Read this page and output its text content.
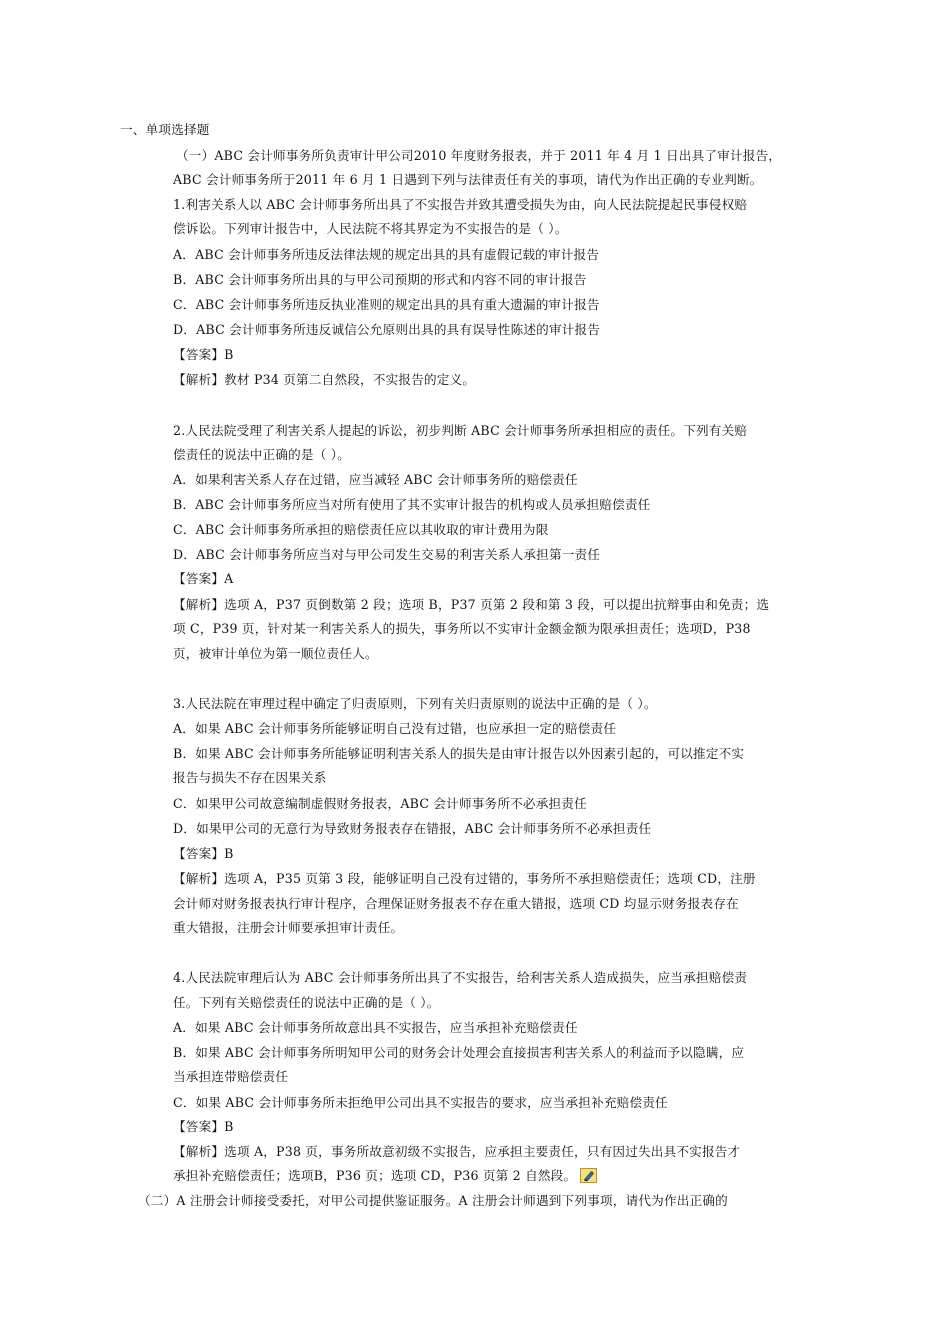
一、单项选择题
（一）ABC 会计师事务所负责审计甲公司2010 年度财务报表，并于 2011 年 4 月 1 日出具了审计报告，
ABC 会计师事务所于2011 年 6 月 1 日遇到下列与法律责任有关的事项，请代为作出正确的专业判断。
1.利害关系人以 ABC 会计师事务所出具了不实报告并致其遭受损失为由，向人民法院提起民事侵权赔
偿诉讼。下列审计报告中，人民法院不将其界定为不实报告的是（ ）。
A．ABC 会计师事务所违反法律法规的规定出具的具有虚假记载的审计报告
B．ABC 会计师事务所出具的与甲公司预期的形式和内容不同的审计报告
C．ABC 会计师事务所违反执业准则的规定出具的具有重大遗漏的审计报告
D．ABC 会计师事务所违反诚信公允原则出具的具有误导性陈述的审计报告
【答案】B
【解析】教材 P34 页第二自然段，不实报告的定义。
2.人民法院受理了利害关系人提起的诉讼，初步判断 ABC 会计师事务所承担相应的责任。下列有关赔
偿责任的说法中正确的是（ ）。
A．如果利害关系人存在过错，应当减轻 ABC 会计师事务所的赔偿责任
B．ABC 会计师事务所应当对所有使用了其不实审计报告的机构或人员承担赔偿责任
C．ABC 会计师事务所承担的赔偿责任应以其收取的审计费用为限
D．ABC 会计师事务所应当对与甲公司发生交易的利害关系人承担第一责任
【答案】A
【解析】选项 A，P37 页倒数第 2 段；选项 B，P37 页第 2 段和第 3 段，可以提出抗辩事由和免责；选
项 C，P39 页，针对某一利害关系人的损失，事务所以不实审计金额金额为限承担责任；选项D，P38
页，被审计单位为第一顺位责任人。
3.人民法院在审理过程中确定了归责原则，下列有关归责原则的说法中正确的是（ ）。
A．如果 ABC 会计师事务所能够证明自己没有过错，也应承担一定的赔偿责任
B．如果 ABC 会计师事务所能够证明利害关系人的损失是由审计报告以外因素引起的，可以推定不实
报告与损失不存在因果关系
C．如果甲公司故意编制虚假财务报表，ABC 会计师事务所不必承担责任
D．如果甲公司的无意行为导致财务报表存在错报，ABC 会计师事务所不必承担责任
【答案】B
【解析】选项 A，P35 页第 3 段，能够证明自己没有过错的，事务所不承担赔偿责任；选项 CD，注册
会计师对财务报表执行审计程序，合理保证财务报表不存在重大错报，选项 CD 均显示财务报表存在
重大错报，注册会计师要承担审计责任。
4.人民法院审理后认为 ABC 会计师事务所出具了不实报告，给利害关系人造成损失，应当承担赔偿责
任。下列有关赔偿责任的说法中正确的是（ ）。
A．如果 ABC 会计师事务所故意出具不实报告，应当承担补充赔偿责任
B．如果 ABC 会计师事务所明知甲公司的财务会计处理会直接损害利害关系人的利益而予以隐瞒，应
当承担连带赔偿责任
C．如果 ABC 会计师事务所未拒绝甲公司出具不实报告的要求，应当承担补充赔偿责任
【答案】B
【解析】选项 A，P38 页，事务所故意初级不实报告，应承担主要责任，只有因过失出具不实报告才
承担补充赔偿责任；选项B，P36 页；选项 CD，P36 页第 2 自然段。
（二）A 注册会计师接受委托，对甲公司提供鉴证服务。A 注册会计师遇到下列事项，请代为作出正确的
